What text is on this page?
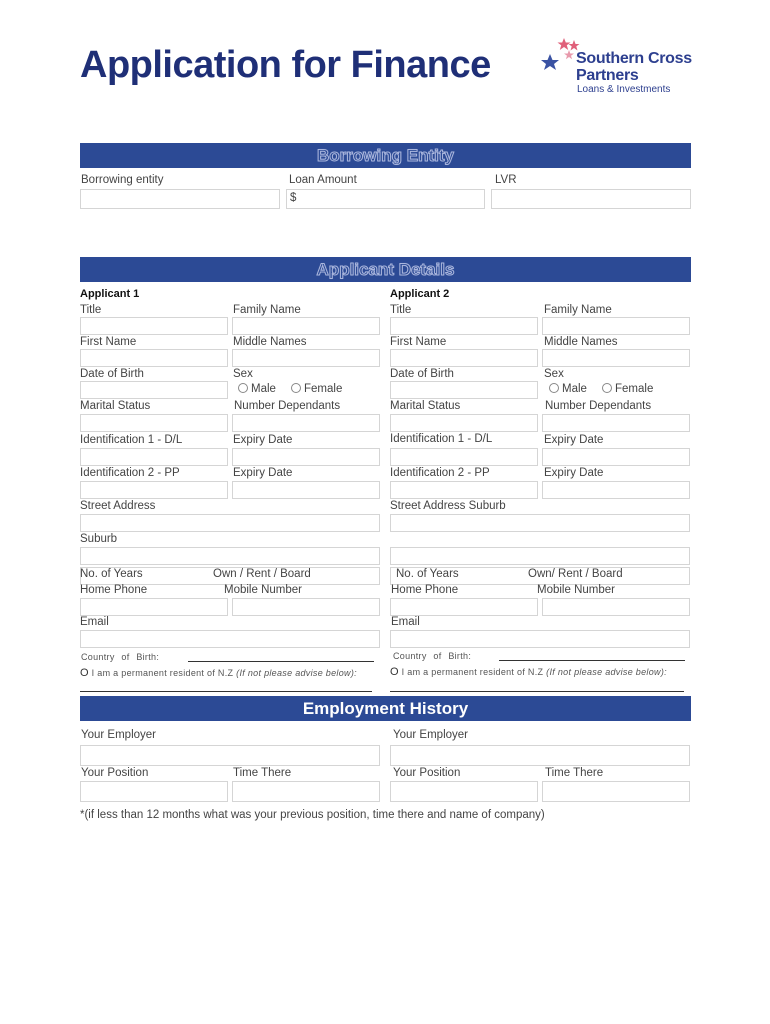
Application for Finance	Southern Cross
Partners
Loans & Investments
Borrowing Entity
Borrowing entity	Loan Amount
$
LVR
Applicant Details
Applicant 1
Title	Family Name
First Name	Middle Names
Date of Birth	Sex
Male	Female
Marital Status	Number Dependants
Identification 1 - D/L	Expiry Date
Identification 2 - PP	Expiry Date
Street Address
Suburb
No. of Years	Own / Rent / Board
Home Phone	Mobile Number
Email
Country of Birth:
O I am a permanent resident of N.Z (If not please advise below):
Applicant 2
Title	Family Name
First Name	Middle Names
Date of Birth	Sex
Male	Female
Marital Status	Number Dependants
Identification 1 - D/L	Expiry Date
Identification 2 - PP	Expiry Date
Street Address Suburb
No. of Years	Own/ Rent / Board
Home Phone	Mobile Number
Email
Country of Birth:
O I am a permanent resident of N.Z (If not please advise below):
Employment History
Your Employer
Your Position	Time There
Your Employer
Your Position	Time There
*(if less than 12 months what was your previous position, time there and name of company)
